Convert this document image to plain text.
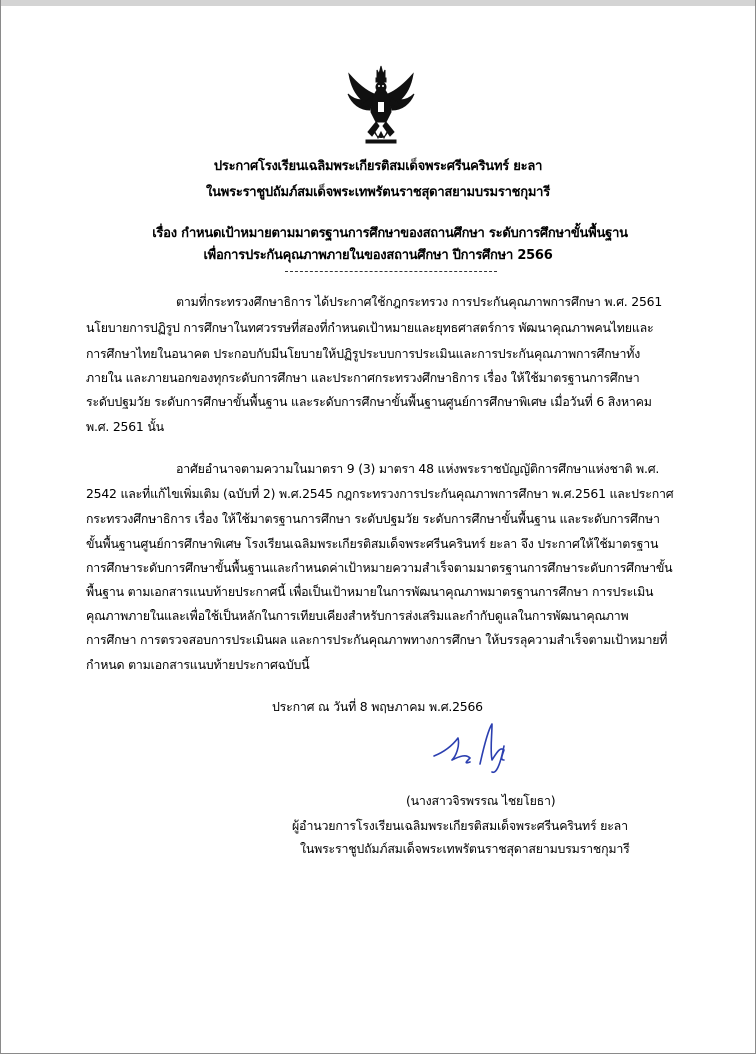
ประกาศโรงเรียนเฉลิมพระเกียรติสมเด็จพระศรีนครินทร์ ยะลา
ในพระราชูปถัมภ์สมเด็จพระเทพรัตนราชสุดาสยามบรมราชกุมารี
เรื่อง กำหนดเป้าหมายตามมาตรฐานการศึกษาของสถานศึกษา ระดับการศึกษาขั้นพื้นฐาน
เพื่อการประกันคุณภาพภายในของสถานศึกษา ปีการศึกษา 2566
ตามที่กระทรวงศึกษาธิการ ได้ประกาศใช้กฎกระทรวง การประกันคุณภาพการศึกษา พ.ศ. 2561
นโยบายการปฏิรูป การศึกษาในทศวรรษที่สองที่กำหนดเป้าหมายและยุทธศาสตร์การ พัฒนาคุณภาพคนไทยและ
การศึกษาไทยในอนาคต ประกอบกับมีนโยบายให้ปฏิรูประบบการประเมินและการประกันคุณภาพการศึกษาทั้ง
ภายใน และภายนอกของทุกระดับการศึกษา และประกาศกระทรวงศึกษาธิการ เรื่อง ให้ใช้มาตรฐานการศึกษา
ระดับปฐมวัย ระดับการศึกษาขั้นพื้นฐาน และระดับการศึกษาขั้นพื้นฐานศูนย์การศึกษาพิเศษ เมื่อวันที่ 6 สิงหาคม
พ.ศ. 2561 นั้น
อาศัยอำนาจตามความในมาตรา 9 (3) มาตรา 48 แห่งพระราชบัญญัติการศึกษาแห่งชาติ พ.ศ.
2542 และที่แก้ไขเพิ่มเติม (ฉบับที่ 2) พ.ศ.2545 กฎกระทรวงการประกันคุณภาพการศึกษา พ.ศ.2561 และประกาศ
กระทรวงศึกษาธิการ เรื่อง ให้ใช้มาตรฐานการศึกษา ระดับปฐมวัย ระดับการศึกษาขั้นพื้นฐาน และระดับการศึกษา
ขั้นพื้นฐานศูนย์การศึกษาพิเศษ โรงเรียนเฉลิมพระเกียรติสมเด็จพระศรีนครินทร์ ยะลา จึง ประกาศให้ใช้มาตรฐาน
การศึกษาระดับการศึกษาขั้นพื้นฐานและกำหนดค่าเป้าหมายความสำเร็จตามมาตรฐานการศึกษาระดับการศึกษาขั้น
พื้นฐาน ตามเอกสารแนบท้ายประกาศนี้ เพื่อเป็นเป้าหมายในการพัฒนาคุณภาพมาตรฐานการศึกษา การประเมิน
คุณภาพภายในและเพื่อใช้เป็นหลักในการเทียบเคียงสำหรับการส่งเสริมและกำกับดูแลในการพัฒนาคุณภาพ
การศึกษา การตรวจสอบการประเมินผล และการประกันคุณภาพทางการศึกษา ให้บรรลุความสำเร็จตามเป้าหมายที่
กำหนด ตามเอกสารแนบท้ายประกาศฉบับนี้
ประกาศ ณ วันที่ 8 พฤษภาคม พ.ศ.2566
(นางสาวจิรพรรณ ไชยโยธา)
ผู้อำนวยการโรงเรียนเฉลิมพระเกียรติสมเด็จพระศรีนครินทร์ ยะลา
ในพระราชูปถัมภ์สมเด็จพระเทพรัตนราชสุดาสยามบรมราชกุมารี
